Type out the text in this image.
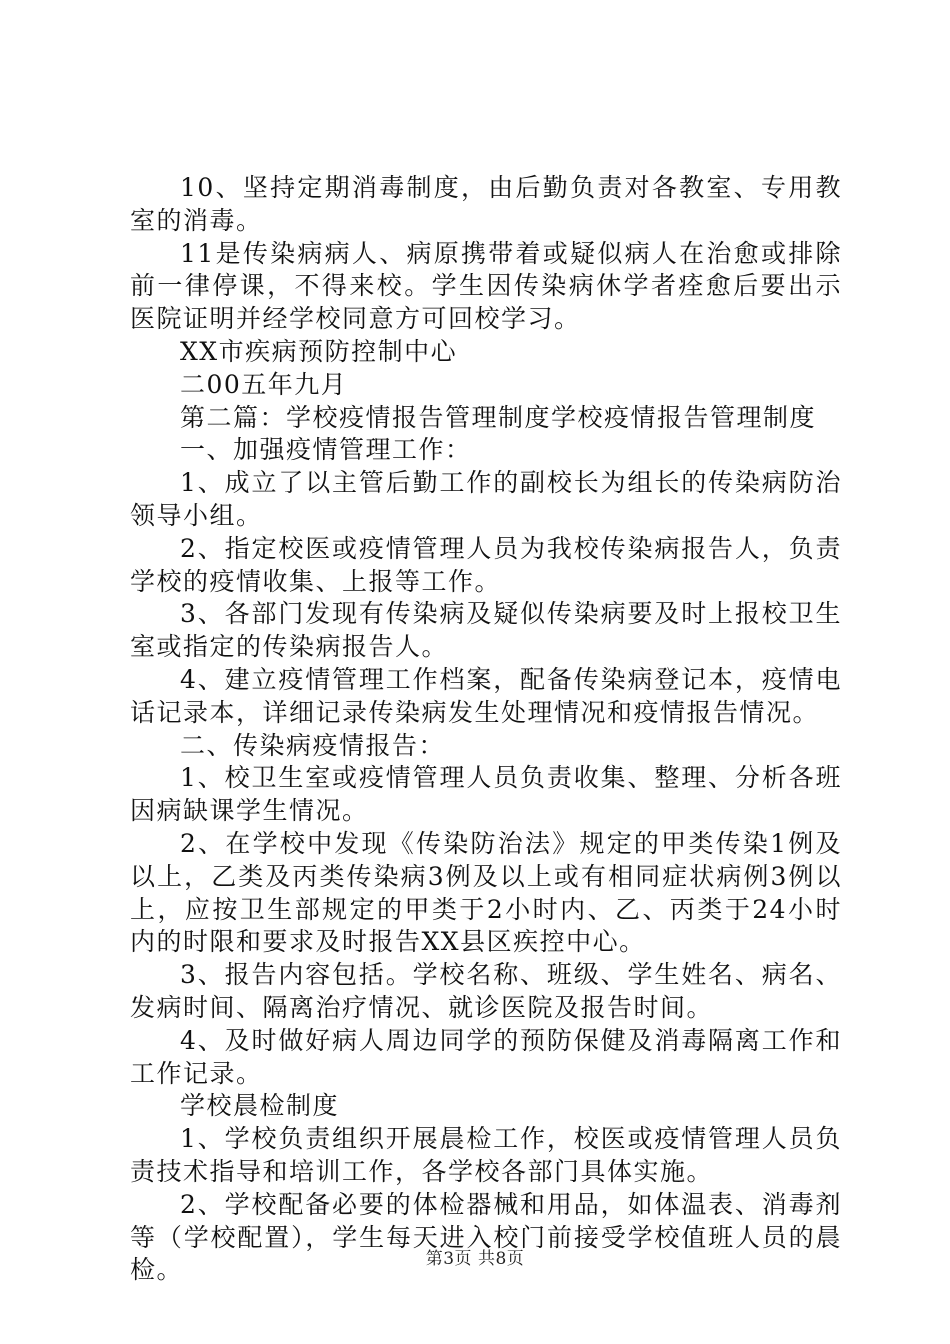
10、坚持定期消毒制度，由后勤负责对各教室、专用教室的消毒。

11是传染病病人、病原携带着或疑似病人在治愈或排除前一律停课，不得来校。学生因传染病休学者痊愈后要出示医院证明并经学校同意方可回校学习。

XX市疾病预防控制中心

二00五年九月

第二篇：学校疫情报告管理制度学校疫情报告管理制度

一、加强疫情管理工作：

1、成立了以主管后勤工作的副校长为组长的传染病防治领导小组。

2、指定校医或疫情管理人员为我校传染病报告人，负责学校的疫情收集、上报等工作。

3、各部门发现有传染病及疑似传染病要及时上报校卫生室或指定的传染病报告人。

4、建立疫情管理工作档案，配备传染病登记本，疫情电话记录本，详细记录传染病发生处理情况和疫情报告情况。

二、传染病疫情报告：

1、校卫生室或疫情管理人员负责收集、整理、分析各班因病缺课学生情况。

2、在学校中发现《传染防治法》规定的甲类传染1例及以上，乙类及丙类传染病3例及以上或有相同症状病例3例以上，应按卫生部规定的甲类于2小时内、乙、丙类于24小时内的时限和要求及时报告XX县区疾控中心。

3、报告内容包括。学校名称、班级、学生姓名、病名、发病时间、隔离治疗情况、就诊医院及报告时间。

4、及时做好病人周边同学的预防保健及消毒隔离工作和工作记录。

学校晨检制度

1、学校负责组织开展晨检工作，校医或疫情管理人员负责技术指导和培训工作，各学校各部门具体实施。

2、学校配备必要的体检器械和用品，如体温表、消毒剂等（学校配置），学生每天进入校门前接受学校值班人员的晨检。	第3页 共8页
